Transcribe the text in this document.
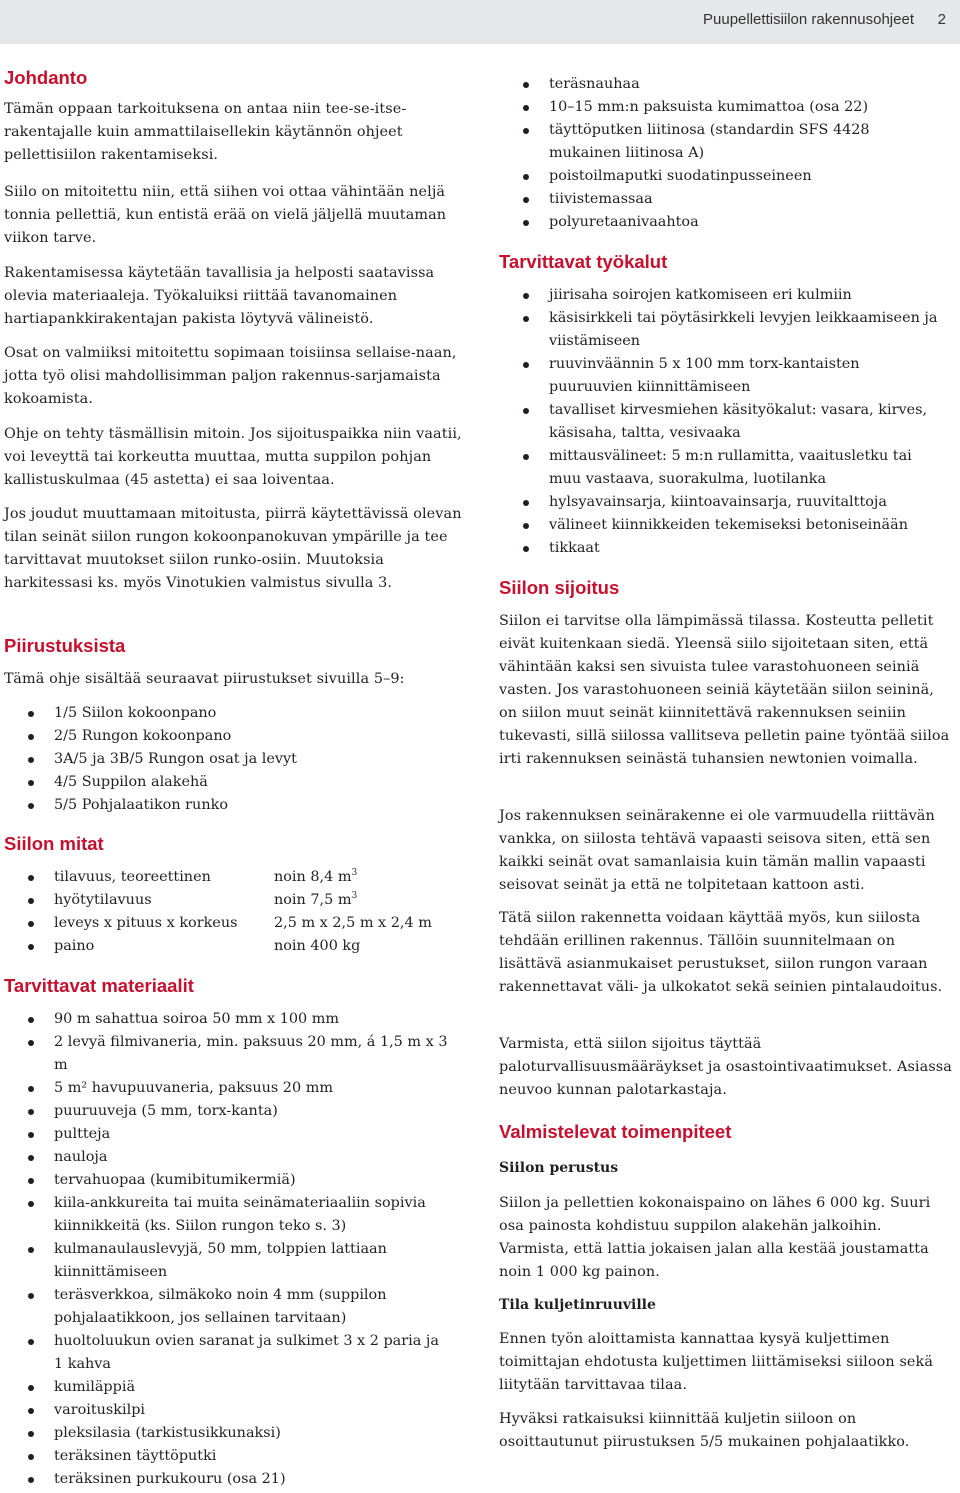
Puupellettisiilon rakennusohjeet 2
Johdanto

Tämän oppaan tarkoituksena on antaa niin tee-se-itse-rakentajalle kuin ammattilaisellekin käytännön ohjeet pellettisiilon rakentamiseksi.

Siilo on mitoitettu niin, että siihen voi ottaa vähintään neljä tonnia pellettiä, kun entistä erää on vielä jäljellä muutaman viikon tarve.

Rakentamisessa käytetään tavallisia ja helposti saatavissa olevia materiaaleja. Työkaluiksi riittää tavanomainen hartiapankkirakentajan pakista löytyvä välineistö.

Osat on valmiiksi mitoitettu sopimaan toisiinsa sellaise-naan, jotta työ olisi mahdollisimman paljon rakennus-sarjamaista kokoamista.

Ohje on tehty täsmällisin mitoin. Jos sijoituspaikka niin vaatii, voi leveyttä tai korkeutta muuttaa, mutta suppilon pohjan kallistuskulmaa (45 astetta) ei saa loiventaa.

Jos joudut muuttamaan mitoitusta, piirrä käytettävissä olevan tilan seinät siilon rungon kokoonpanokuvan ympärille ja tee tarvittavat muutokset siilon runko-osiin. Muutoksia harkitessasi ks. myös Vinotukien valmistus sivulla 3.

Piirustuksista

Tämä ohje sisältää seuraavat piirustukset sivuilla 5–9:

1/5 Siilon kokoonpano
2/5 Rungon kokoonpano
3A/5 ja 3B/5 Rungon osat ja levyt
4/5 Suppilon alakehä
5/5 Pohjalaatikon runko
Siilon mitat
tilavuus, teoreettinen	noin 8,4 $m^3$
hyötytilavuus	noin 7,5 $m^3$
leveys x pituus x korkeus	2,5 m x 2,5 m x 2,4 m
paino	noin 400 kg
Tarvittavat materiaalit
90 m sahattua soiroa 50 mm x 100 mm
2 levyä filmivaneria, min. paksuus 20 mm, á 1,5 m x 3 m
5 m² havupuuvaneria, paksuus 20 mm
puuruuveja (5 mm, torx-kanta)
pultteja
nauloja
tervahuopaa (kumibitumikermiä)
kiila-ankkureita tai muita seinämateriaaliin sopivia kiinnikkeitä (ks. Siilon rungon teko s. 3)
kulmanaulauslevyjä, 50 mm, tolppien lattiaan kiinnittämiseen
teräsverkkoa, silmäkoko noin 4 mm (suppilon pohjalaatikkoon, jos sellainen tarvitaan)
huoltoluukun ovien saranat ja sulkimet 3 x 2 paria ja 1 kahva
kumiläppiä
varoituskilpi
pleksilasia (tarkistusikkunaksi)
teräksinen täyttöputki
teräksinen purkukouru (osa 21)
teräsnauhaa
10–15 mm:n paksuista kumimattoa (osa 22)
täyttöputken liitinosa (standardin SFS 4428 mukainen liitinosa A)
poistoilmaputki suodatinpusseineen
tiivistemassaa
polyuretaanivaahtoa
Tarvittavat työkalut
jiirisaha soirojen katkomiseen eri kulmiin
käsisirkkeli tai pöytäsirkkeli levyjen leikkaamiseen ja viistämiseen
ruuvinväännin 5 x 100 mm torx-kantaisten puuruuvien kiinnittämiseen
tavalliset kirvesmiehen käsityökalut: vasara, kirves, käsisaha, taltta, vesivaaka
mittausvälineet: 5 m:n rullamitta, vaaitusletku tai muu vastaava, suorakulma, luotilanka
hylsyavainsarja, kiintoavainsarja, ruuvitalttoja
välineet kiinnikkeiden tekemiseksi betoniseinään
tikkaat
Siilon sijoitus

Siilon ei tarvitse olla lämpimässä tilassa. Kosteutta pelletit eivät kuitenkaan siedä. Yleensä siilo sijoitetaan siten, että vähintään kaksi sen sivuista tulee varastohuoneen seiniä vasten. Jos varastohuoneen seiniä käytetään siilon seininä, on siilon muut seinät kiinnitettävä rakennuksen seiniin tukevasti, sillä siilossa vallitseva pelletin paine työntää siiloa irti rakennuksen seinästä tuhansien newtonien voimalla.

Jos rakennuksen seinärakenne ei ole varmuudella riittävän vankka, on siilosta tehtävä vapaasti seisova siten, että sen kaikki seinät ovat samanlaisia kuin tämän mallin vapaasti seisovat seinät ja että ne tolpitetaan kattoon asti.

Tätä siilon rakennetta voidaan käyttää myös, kun siilosta tehdään erillinen rakennus. Tällöin suunnitelmaan on lisättävä asianmukaiset perustukset, siilon rungon varaan rakennettavat väli- ja ulkokatot sekä seinien pintalaudoitus.

Varmista, että siilon sijoitus täyttää paloturvallisuusmääräykset ja osastointivaatimukset. Asiassa neuvoo kunnan palotarkastaja.

Valmistelevat toimenpiteet
Siilon perustus

Siilon ja pellettien kokonaispaino on lähes 6 000 kg. Suuri osa painosta kohdistuu suppilon alakehän jalkoihin. Varmista, että lattia jokaisen jalan alla kestää joustamatta noin 1 000 kg painon.

Tila kuljetinruuville

Ennen työn aloittamista kannattaa kysyä kuljettimen toimittajan ehdotusta kuljettimen liittämiseksi siiloon sekä liitytään tarvittavaa tilaa.

Hyväksi ratkaisuksi kiinnittää kuljetin siiloon on osoittautunut piirustuksen 5/5 mukainen pohjalaatikko.
